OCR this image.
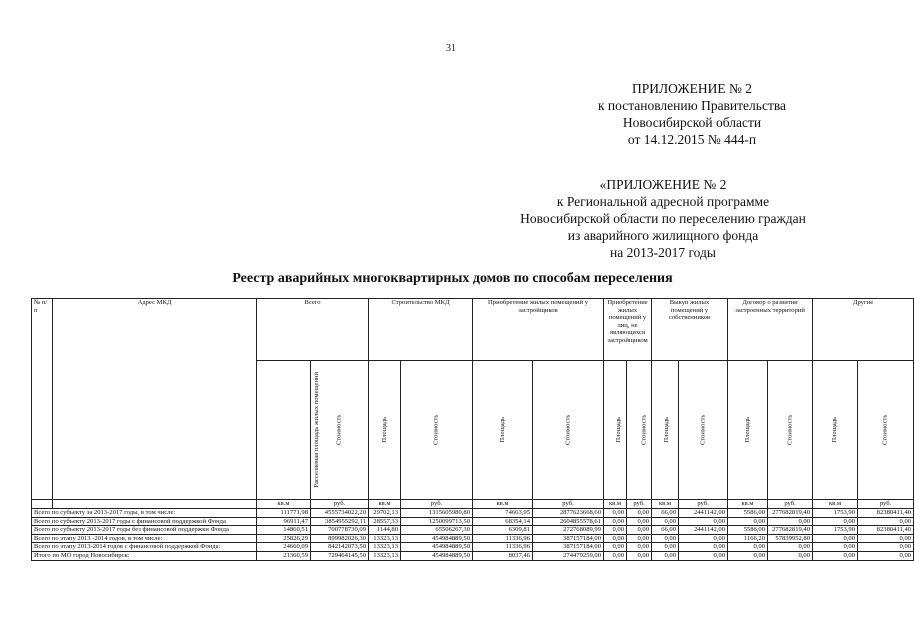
31
ПРИЛОЖЕНИЕ № 2
к постановлению Правительства
Новосибирской области
от 14.12.2015 № 444-п
«ПРИЛОЖЕНИЕ № 2
к Региональной адресной программе
Новосибирской области по переселению граждан
из аварийного жилищного фонда
на 2013-2017 годы
Реестр аварийных многоквартирных домов по способам переселения
№ п/п	Адрес МКД	Всего		Строительство МКД		Приобретение жилых помещений у застройщиков		Приобретение жилых помещений у лиц, не являющихся застройщиком		Выкуп жилых помещений у собственников		Договор о развитии застроенных территорий		Другие	
		Расселяемая площадь жилых помещений	Стоимость	Площадь	Стоимость	Площадь	Стоимость	Площадь	Стоимость	Площадь	Стоимость	Площадь	Стоимость	Площадь	Стоимость
		кв.м	руб.	кв.м	руб.	кв.м	руб.	кв.м	руб.	кв.м	руб.	кв.м	руб.	кв.м	руб.
Всего по субъекту за 2013-2017 годы, в том числе:		111771,98	4555734022,20	29702,13	1315605980,80	74663,95	2877623668,60	0,00	0,00	66,00	2441142,00	5586,00	277682819,40	1753,90	82380411,40
Всего по субъекту 2013-2017 годы с финансовой поддержкой Фонда		96911,47	3854955292,11	28557,33	1250099713,50	68354,14	2604855578,61	0,00	0,00	0,00	0,00	0,00	0,00	0,00	0,00
Всего по субъекту 2013-2017 годы без финансовой поддержки Фонда		14860,51	700778730,09	1144,80	65506267,30	6309,81	272768089,99	0,00	0,00	66,00	2441142,00	5586,00	277682819,40	1753,90	82380411,40
Всего по этапу 2013 -2014 годов, в том числе:		25826,29	899982026,30	13323,13	454984889,50	11336,96	387157184,00	0,00	0,00	0,00	0,00	1166,20	57839952,80	0,00	0,00
Всего по этапу 2013-2014 годов с финансовой поддержкой Фонда:		24660,09	842142073,50	13323,13	454984889,50	11336,96	387157184,00	0,00	0,00	0,00	0,00	0,00	0,00	0,00	0,00
Итого по МО город Новосибирск:		21360,59	729464145,50	13323,13	454984889,50	8037,46	274479259,00	0,00	0,00	0,00	0,00	0,00	0,00	0,00	0,00
